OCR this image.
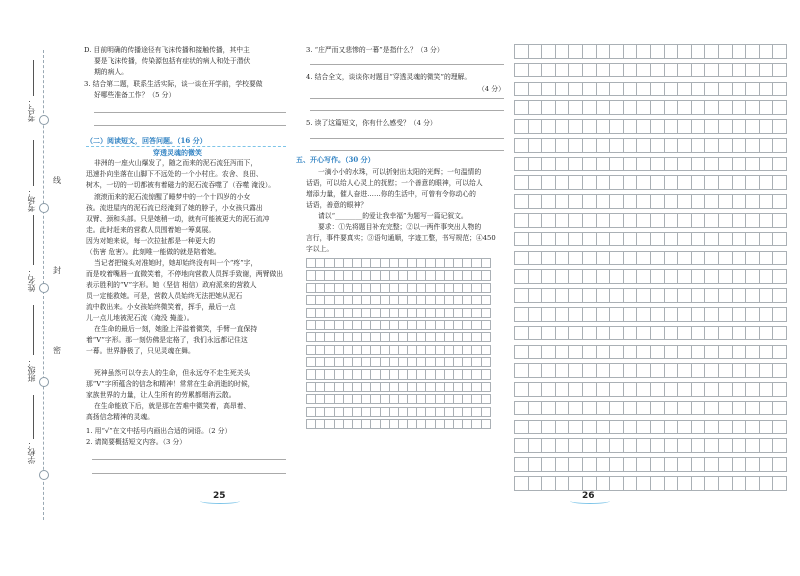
线
封
密
考号：
考场：
姓名：
班级：
学校：
D. 目前明确的传播途径有飞沫传播和接触传播，其中主
要是飞沫传播，传染源包括有症状的病人和处于潜伏
期的病人。
3. 结合第二题，联系生活实际，谈一谈在开学前，学校要做
好哪些准备工作？（5 分）
（二）阅读短文，回答问题。（16 分）
穿透灵魂的微笑
非洲的一座火山爆发了，随之而来的泥石流狂泻而下，
迅速扑向坐落在山脚下不远处的一个小村庄。农舍、良田、
树木，一切的一切都被有着磁力的泥石流吞噬了（吞噬 淹没）。
滚滚而来的泥石流惊醒了睡梦中的一个十四岁的小女
孩。流进屋内的泥石流已经淹到了她的脖子，小女孩只露出
双臂、颈和头部。只是她稍一动，就有可能被更大的泥石流冲
走。此时赶来的营救人员围着她一筹莫展。
因为对她来说，每一次拉扯都是一种更大的
（伤害 危害）。此刻唯一能做的就是陪着她。
当记者把镜头对准她时，她却始终没有叫一个“疼”字，
而是咬着嘴唇一直微笑着，不停地向营救人员挥手致谢，两臂做出
表示胜利的“V”字形。她（坚信 相信）政府派来的营救人
员一定能救她。可是，营救人员始终无法把她从泥石
流中救出来。小女孩始终微笑着，挥手，最后一点
儿一点儿地被泥石流（淹没 掩盖）。
在生命的最后一刻，她脸上洋溢着微笑，手臂一直保持
着“V”字形。那一刻仿佛是定格了，我们永远都记住这
一幕。世界静极了，只见灵魂在舞。
死神虽然可以夺去人的生命，但永远夺不走生死关头
那“V”字所蕴含的信念和精神！常常在生命消逝的时候，
家族世界的力量，让人生所有的劳累都烟消云散。
在生命能放下后，就是那在苦难中微笑着，高昂着、
高扬信念精神的灵魂。
1. 用“√”在文中括号内画出合适的词语。（2 分）
2. 请简要概括短文内容。（3 分）
25
3. “庄严而又悲惨的一幕”是指什么？（3 分）
4. 结合全文，谈谈你对题目“穿透灵魂的微笑”的理解。
（4 分）
5. 读了这篇短文，你有什么感受？（4 分）
五、开心写作。（30 分）
一滴小小的水珠，可以折射出太阳的光辉；一句温情的
话语，可以给人心灵上的抚慰；一个善意的眼神，可以给人
增添力量，催人奋进……你的生活中，可曾有令你动心的
话语，善意的眼神？
请以“________的爱让我幸福”为题写一篇记叙文。
要求：①先将题目补充完整；②以一两件事突出人物的
言行，事件要真实；③语句通顺，字迹工整，书写规范；④450
字以上。

26
